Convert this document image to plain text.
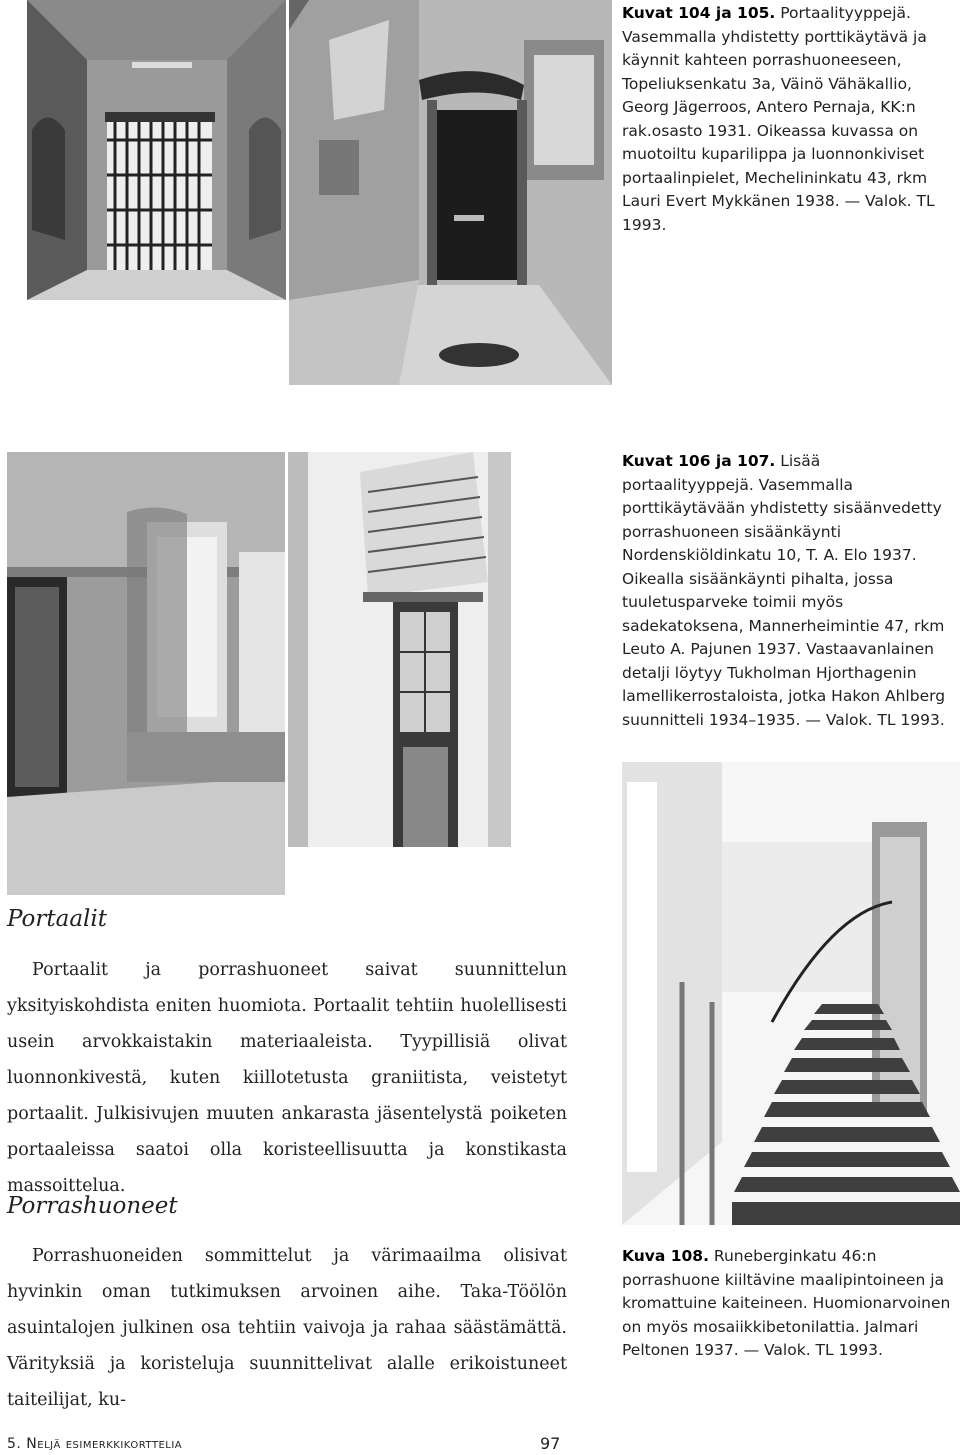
Kuvat 104 ja 105. Portaalityyppejä. Vasemmalla yhdistetty porttikäytävä ja käynnit kahteen porrashuoneeseen, Topeliuksenkatu 3a, Väinö Vähäkallio, Georg Jägerroos, Antero Pernaja, KK:n rak.osasto 1931. Oikeassa kuvassa on muotoiltu kuparilippa ja luonnonkiviset portaalinpielet, Mechelininkatu 43, rkm Lauri Evert Mykkänen 1938. — Valok. TL 1993.
Kuvat 106 ja 107. Lisää portaalityyppejä. Vasemmalla porttikäytävään yhdistetty sisäänvedetty porrashuoneen sisäänkäynti Nordenskiöldinkatu 10, T. A. Elo 1937. Oikealla sisäänkäynti pihalta, jossa tuuletusparveke toimii myös sadekatoksena, Mannerheimintie 47, rkm Leuto A. Pajunen 1937. Vastaavanlainen detalji löytyy Tukholman Hjorthagenin lamellikerrostaloista, jotka Hakon Ahlberg suunnitteli 1934–1935. — Valok. TL 1993.
Kuva 108. Runeberginkatu 46:n porrashuone kiiltävine maalipintoineen ja kromattuine kaiteineen. Huomionarvoinen on myös mosaiikkibetonilattia. Jalmari Peltonen 1937. — Valok. TL 1993.
Portaalit
Portaalit ja porrashuoneet saivat suunnittelun yksityiskohdista eniten huomiota. Portaalit tehtiin huolellisesti usein arvokkaistakin materiaaleista. Tyypillisiä olivat luonnonkivestä, kuten kiillotetusta graniitista, veistetyt portaalit. Julkisivujen muuten ankarasta jäsentelystä poiketen portaaleissa saatoi olla koristeellisuutta ja konstikasta massoittelua.
Porrashuoneet
Porrashuoneiden sommittelut ja värimaailma olisivat hyvinkin oman tutkimuksen arvoinen aihe. Taka-Töölön asuintalojen julkinen osa tehtiin vaivoja ja rahaa säästämättä. Värityksiä ja koristeluja suunnittelivat alalle erikoistuneet taiteilijat, ku-
5. Neljä esimerkkikorttelia	97
